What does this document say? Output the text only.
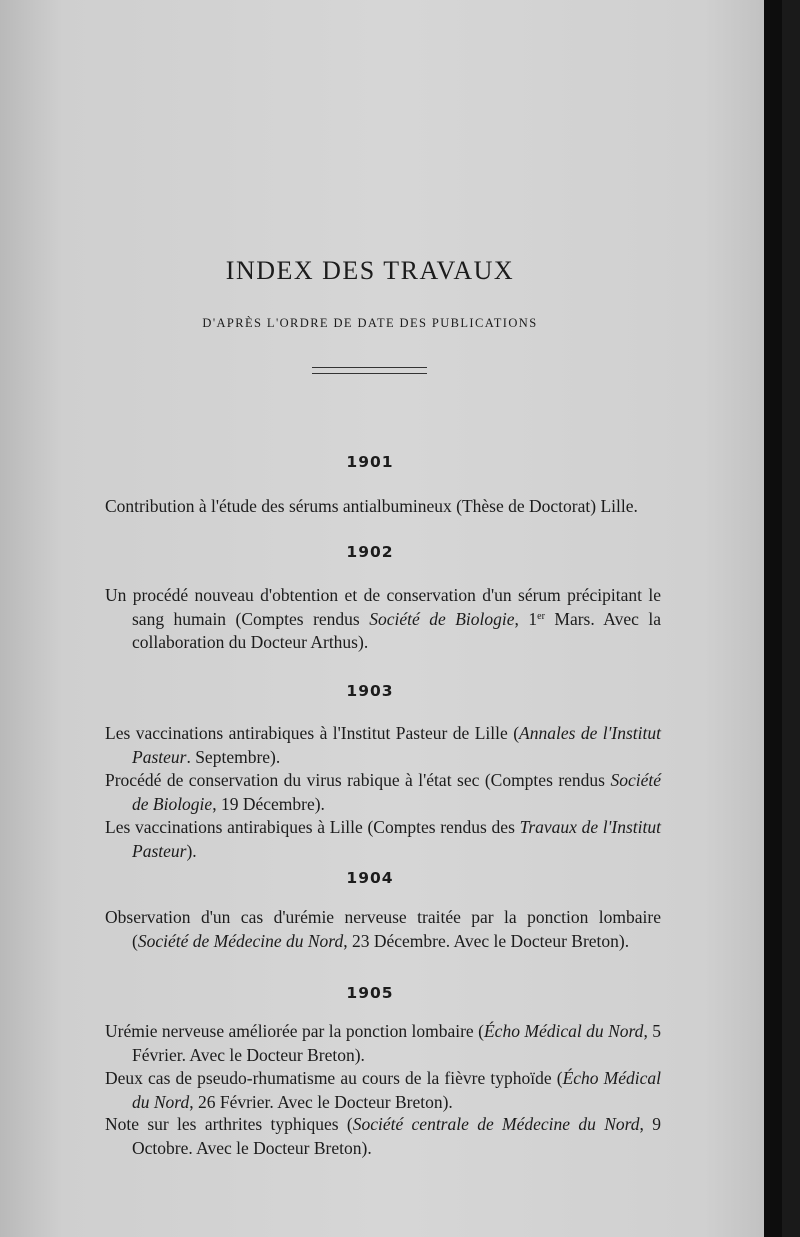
INDEX DES TRAVAUX
D'APRÈS L'ORDRE DE DATE DES PUBLICATIONS
1901

Contribution à l'étude des sérums antialbumineux (Thèse de Doctorat) Lille.

1902

Un procédé nouveau d'obtention et de conservation d'un sérum précipitant le sang humain (Comptes rendus Société de Biologie, 1er Mars. Avec la collaboration du Docteur Arthus).

1903

Les vaccinations antirabiques à l'Institut Pasteur de Lille (Annales de l'Institut Pasteur. Septembre).

Procédé de conservation du virus rabique à l'état sec (Comptes rendus Société de Biologie, 19 Décembre).

Les vaccinations antirabiques à Lille (Comptes rendus des Travaux de l'Institut Pasteur).

1904

Observation d'un cas d'urémie nerveuse traitée par la ponction lombaire (Société de Médecine du Nord, 23 Décembre. Avec le Docteur Breton).

1905

Urémie nerveuse améliorée par la ponction lombaire (Écho Médical du Nord, 5 Février. Avec le Docteur Breton).

Deux cas de pseudo-rhumatisme au cours de la fièvre typhoïde (Écho Médical du Nord, 26 Février. Avec le Docteur Breton).

Note sur les arthrites typhiques (Société centrale de Médecine du Nord, 9 Octobre. Avec le Docteur Breton).
